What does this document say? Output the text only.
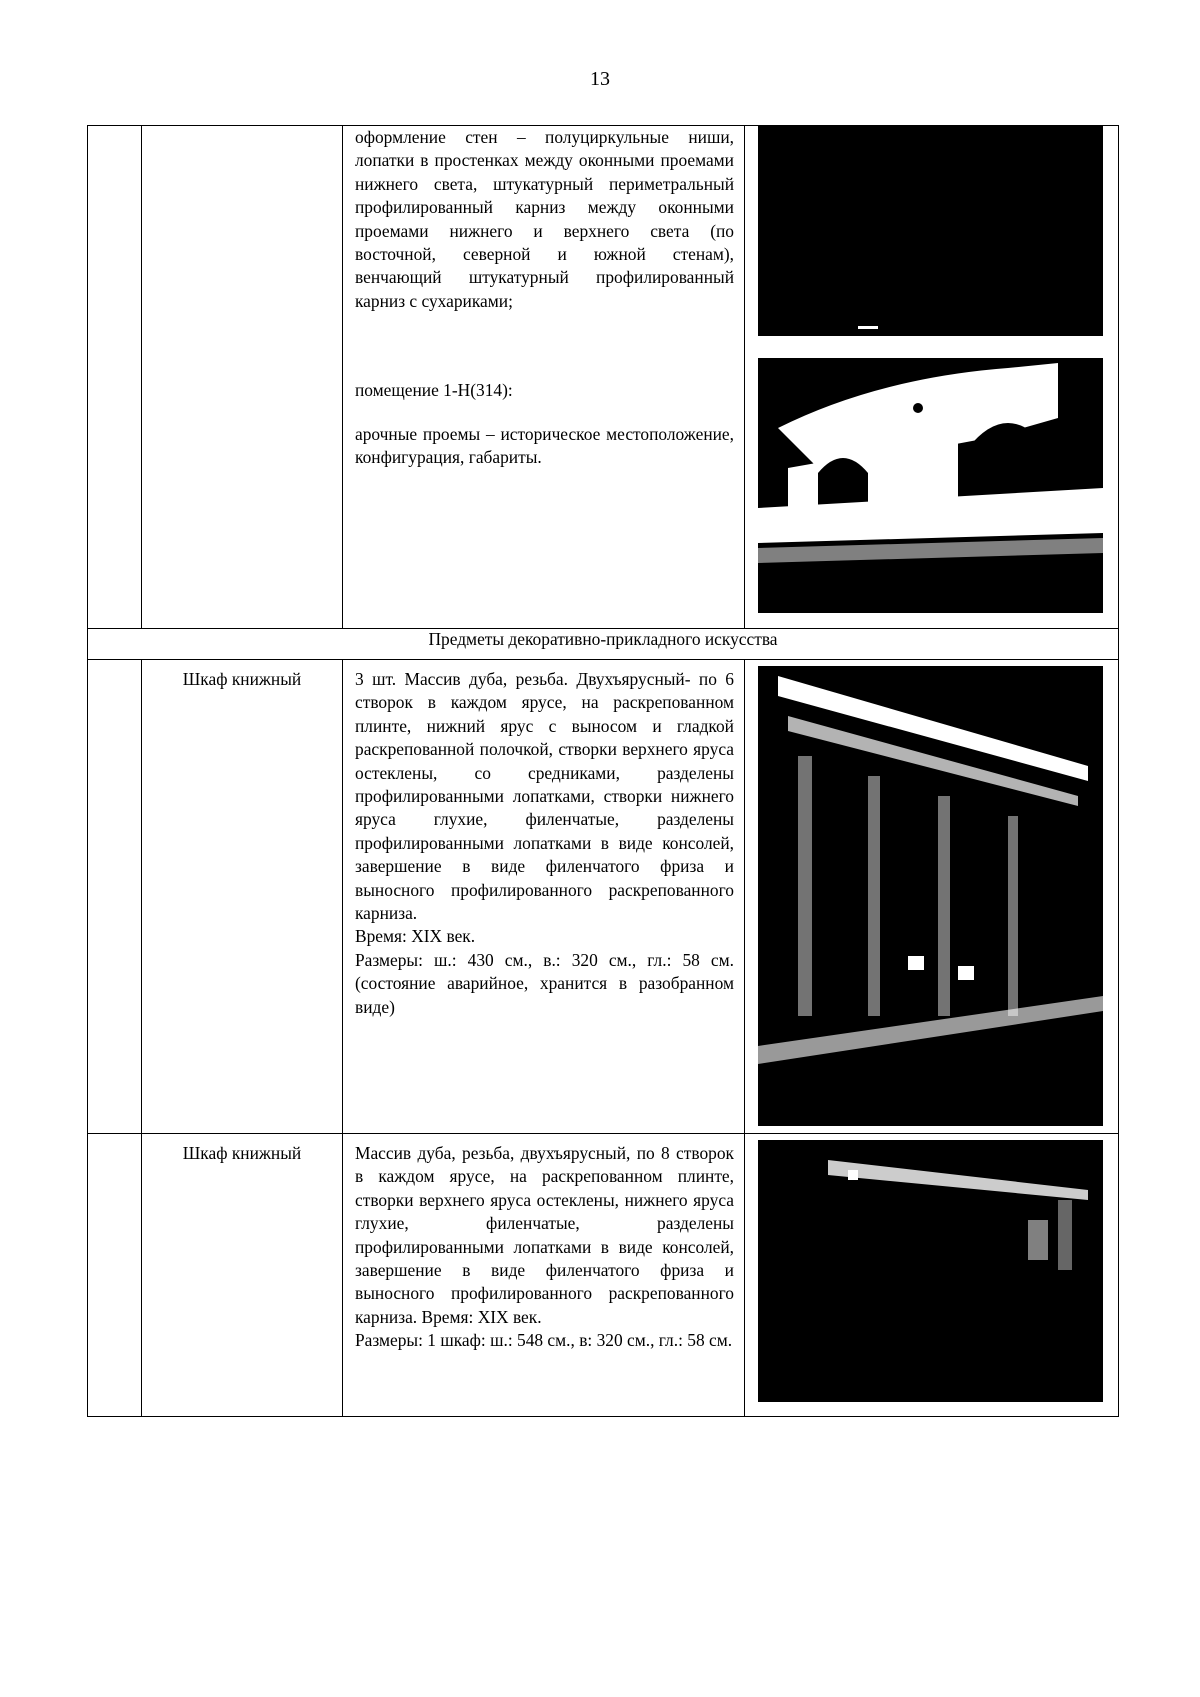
13

		оформление стен – полуциркульные ниши, лопатки в простенках между оконными проемами нижнего света, штукатурный периметральный профилированный карниз между оконными проемами нижнего и верхнего света (по восточной, северной и южной стенам), венчающий штукатурный профилированный карниз с сухариками;

помещение 1-Н(314):

арочные проемы – историческое местоположение, конфигурация, габариты.

Предметы декоративно-прикладного искусства			

	Шкаф книжный	3 шт. Массив дуба, резьба. Двухъярусный- по 6 створок в каждом ярусе, на раскрепованном плинте, нижний ярус с выносом и гладкой раскрепованной полочкой, створки верхнего яруса остеклены, со средниками, разделены профилированными лопатками, створки нижнего яруса глухие, филенчатые, разделены профилированными лопатками в виде консолей, завершение в виде филенчатого фриза и выносного профилированного раскрепованного карниза.

Время: XIX век.

Размеры: ш.: 430 см., в.: 320 см., гл.: 58 см. (состояние аварийное, хранится в разобранном виде)

	Шкаф книжный	Массив дуба, резьба, двухъярусный, по 8 створок в каждом ярусе, на раскрепованном плинте, створки верхнего яруса остеклены, нижнего яруса глухие, филенчатые, разделены профилированными лопатками в виде консолей, завершение в виде филенчатого фриза и выносного профилированного раскрепованного карниза. Время: XIX век.

Размеры: 1 шкаф: ш.: 548 см., в: 320 см., гл.: 58 см.
